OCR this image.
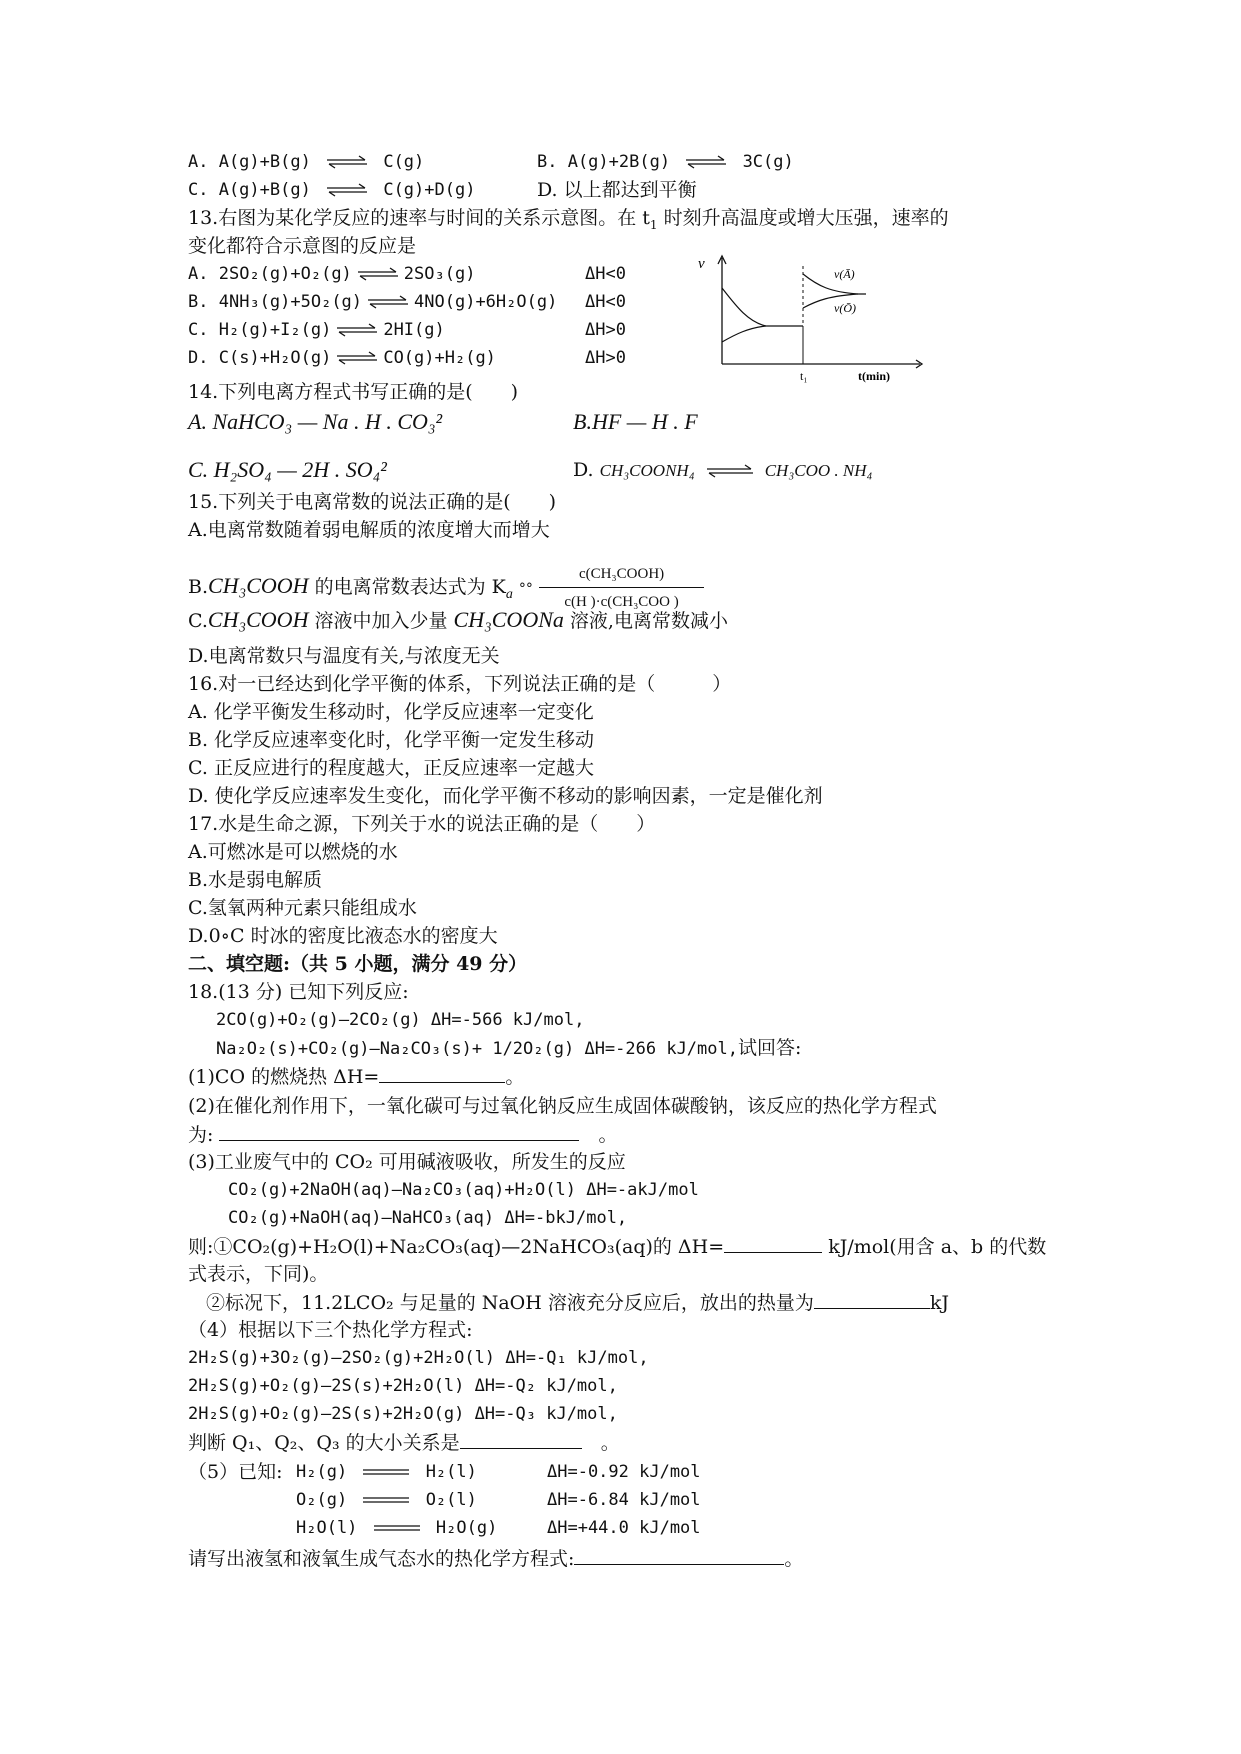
A. A(g)+B(g) ⇌ C(g)	B. A(g)+2B(g) ⇌ 3C(g)
C. A(g)+B(g) ⇌ C(g)+D(g)	D. 以上都达到平衡
13.右图为某化学反应的速率与时间的关系示意图。在 $t_1$ 时刻升高温度或增大压强，速率的
变化都符合示意图的反应是
A. 2SO₂(g)+O₂(g) ⇌ 2SO₃(g)	ΔH<0
B. 4NH₃(g)+5O₂(g) ⇌ 4NO(g)+6H₂O(g) ΔH<0
C. H₂(g)+I₂(g) ⇌ 2HI(g)	ΔH>0
D. C(s)+H₂O(g) ⇌ CO(g)+H₂(g)	ΔH>0
v
t₁	t(min)
v(Ā)
v(Ō)
14.下列电离方程式书写正确的是(　　)
A. NaHCO₃ — Na . H . CO₃²	B.HF — H . F
C. H₂SO₄ — 2H . SO₄²	D. CH₃COONH₄ ⇌ CH₃COO . NH₄
15.下列关于电离常数的说法正确的是(　　)
A.电离常数随着弱电解质的浓度增大而增大
B.CH₃COOH 的电离常数表达式为 $K_a$ °° $\frac{\text{c(CH₃COOH)}}{\text{c(H )·c(CH₃COO )}}$
C.CH₃COOH 溶液中加入少量 CH₃COONa 溶液,电离常数减小
D.电离常数只与温度有关,与浓度无关
16.对一已经达到化学平衡的体系，下列说法正确的是（　　　）
A. 化学平衡发生移动时，化学反应速率一定变化
B. 化学反应速率变化时，化学平衡一定发生移动
C. 正反应进行的程度越大，正反应速率一定越大
D. 使化学反应速率发生变化，而化学平衡不移动的影响因素，一定是催化剂
17.水是生命之源，下列关于水的说法正确的是（　　）
A.可燃冰是可以燃烧的水
B.水是弱电解质
C.氢氧两种元素只能组成水
D.0∘C 时冰的密度比液态水的密度大
二、填空题:（共 5 小题，满分 49 分）
18.(13 分) 已知下列反应:
2CO(g)+O₂(g)—2CO₂(g) ΔH=-566 kJ/mol,
Na₂O₂(s)+CO₂(g)—Na₂CO₃(s)+ 1/2O₂(g) ΔH=-266 kJ/mol,试回答:
(1)CO 的燃烧热 ΔH=	。
(2)在催化剂作用下，一氧化碳可与过氧化钠反应生成固体碳酸钠，该反应的热化学方程式
为: 　	。
(3)工业废气中的 CO₂ 可用碱液吸收，所发生的反应
CO₂(g)+2NaOH(aq)—Na₂CO₃(aq)+H₂O(l) ΔH=-akJ/mol
CO₂(g)+NaOH(aq)—NaHCO₃(aq) ΔH=-bkJ/mol,
则:①CO₂(g)+H₂O(l)+Na₂CO₃(aq)—2NaHCO₃(aq)的 ΔH=	kJ/mol(用含 a、b 的代数
式表示，下同)。
②标况下，11.2LCO₂ 与足量的 NaOH 溶液充分反应后，放出的热量为	kJ
（4）根据以下三个热化学方程式:
2H₂S(g)+3O₂(g)—2SO₂(g)+2H₂O(l) ΔH=-Q₁ kJ/mol,
2H₂S(g)+O₂(g)—2S(s)+2H₂O(l) ΔH=-Q₂ kJ/mol,
2H₂S(g)+O₂(g)—2S(s)+2H₂O(g) ΔH=-Q₃ kJ/mol,
判断 Q₁、Q₂、Q₃ 的大小关系是　	。
（5）已知: H₂(g)	H₂(l)	ΔH=-0.92 kJ/mol
O₂(g)	O₂(l)	ΔH=-6.84 kJ/mol
H₂O(l)	H₂O(g)	ΔH=+44.0 kJ/mol
请写出液氢和液氧生成气态水的热化学方程式:	。
